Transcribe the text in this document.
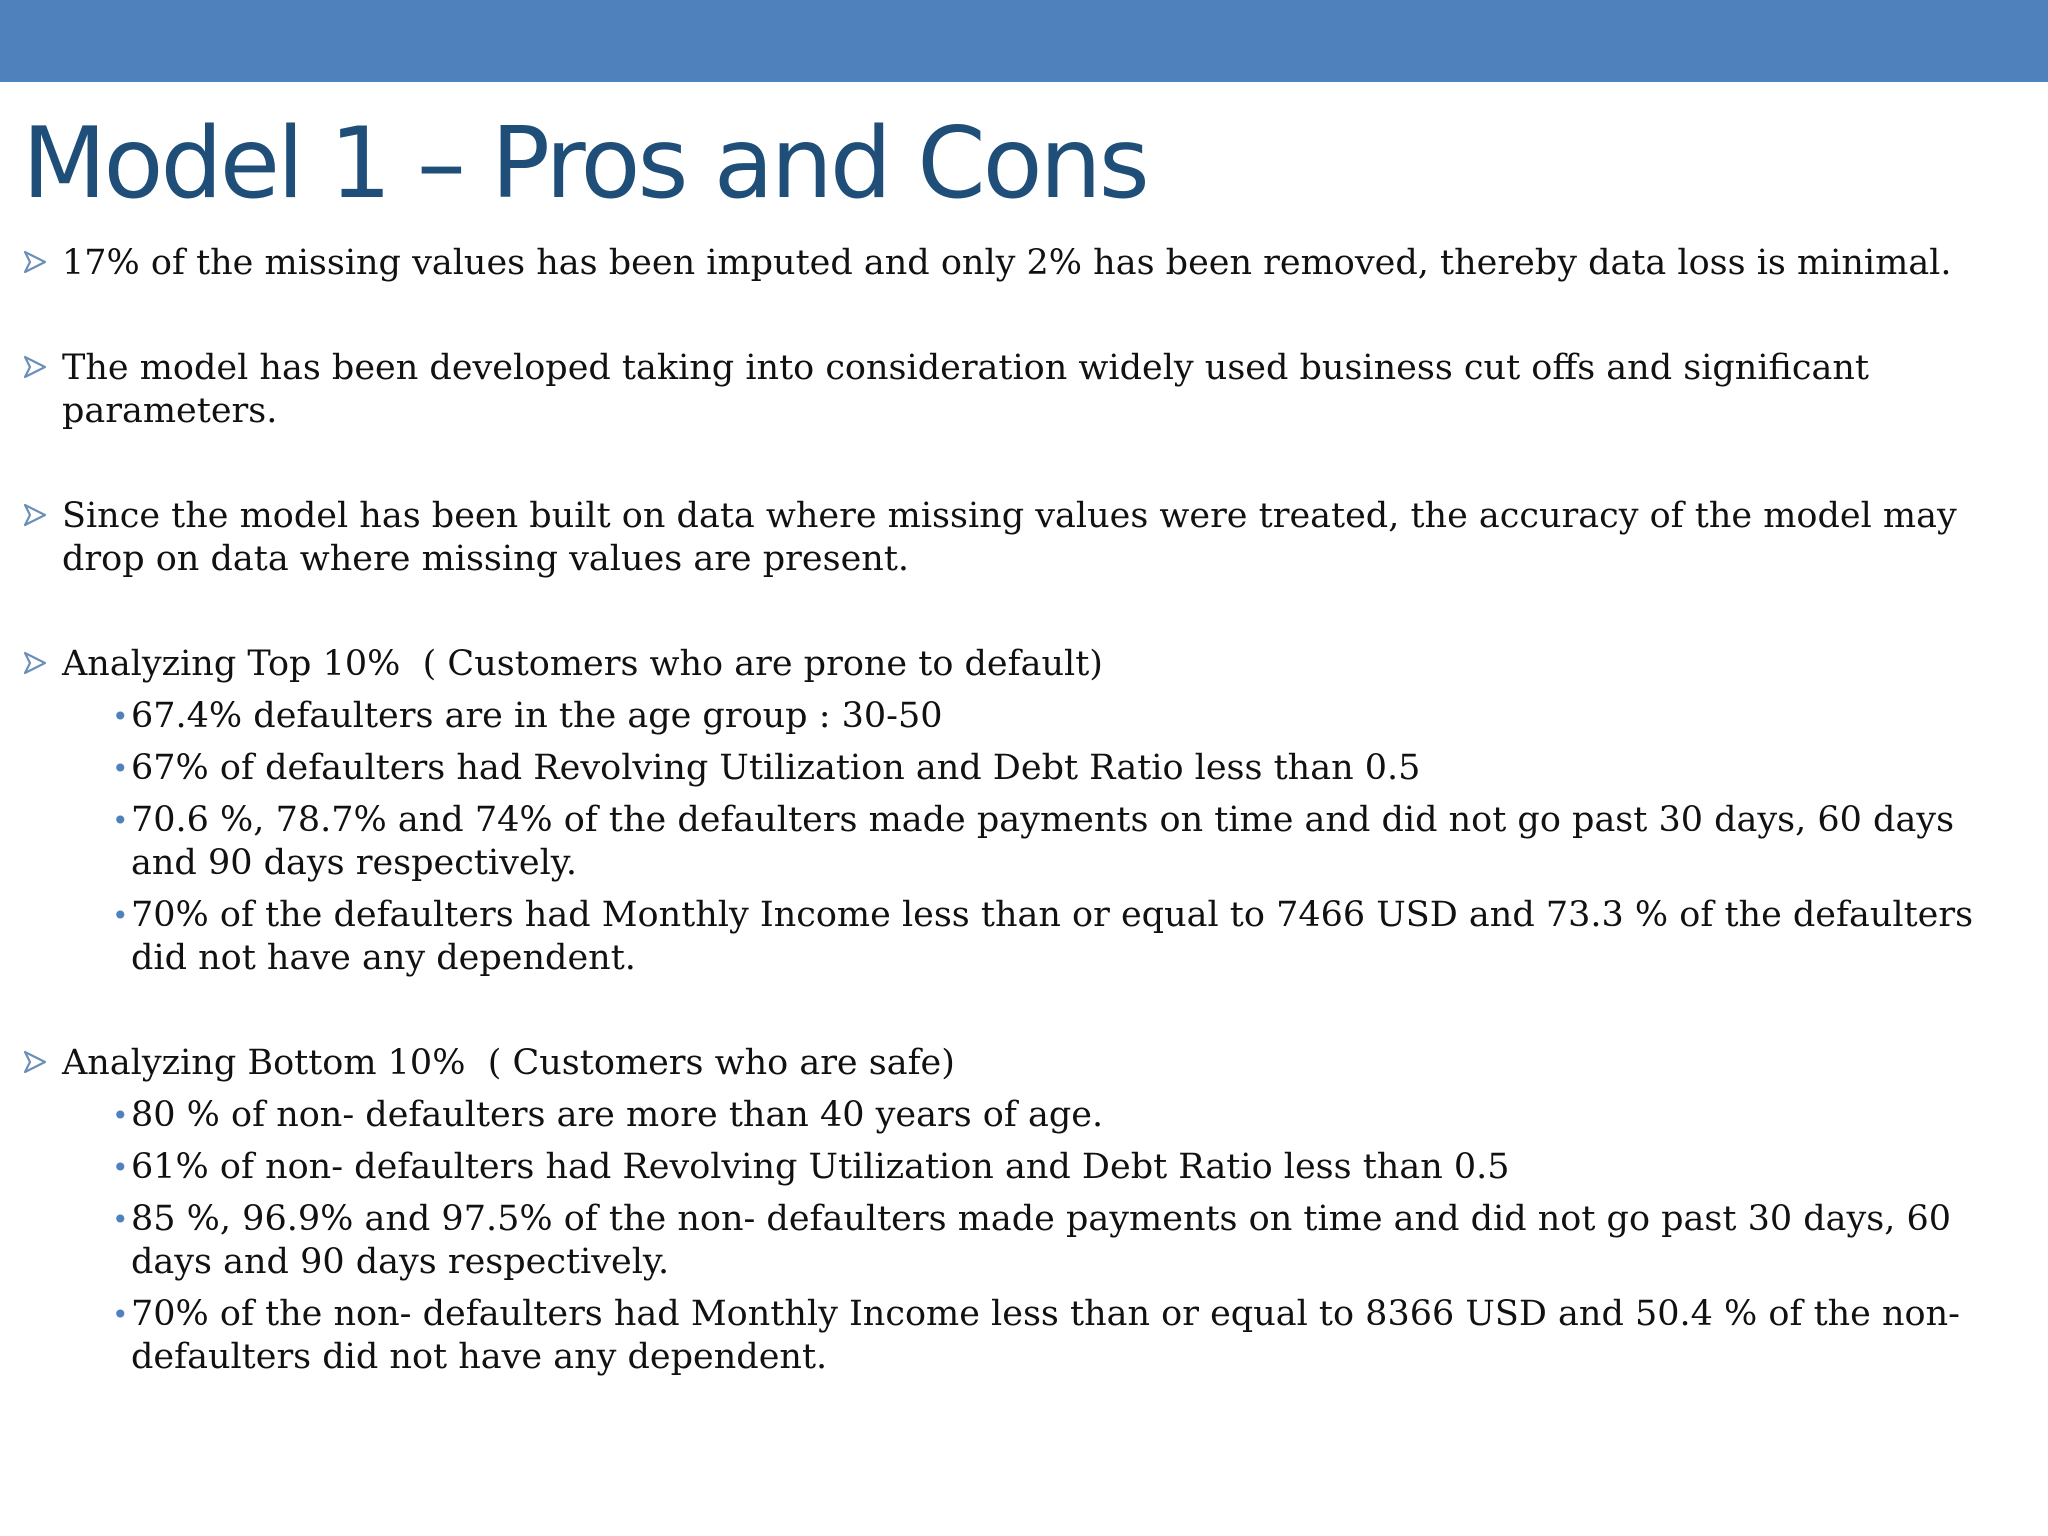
Model 1 – Pros and Cons
17% of the missing values has been imputed and only 2% has been removed, thereby data loss is minimal.
The model has been developed taking into consideration widely used business cut offs and significant parameters.
Since the model has been built on data where missing values were treated, the accuracy of the model may drop on data where missing values are present.
Analyzing Top 10%  ( Customers who are prone to default)
• 67.4% defaulters are in the age group : 30-50
• 67% of defaulters had Revolving Utilization and Debt Ratio less than 0.5
• 70.6 %, 78.7% and 74% of the defaulters made payments on time and did not go past 30 days, 60 days and 90 days respectively.
• 70% of the defaulters had Monthly Income less than or equal to 7466 USD and 73.3 % of the defaulters did not have any dependent.
Analyzing Bottom 10%  ( Customers who are safe)
• 80 % of non- defaulters are more than 40 years of age.
• 61% of non- defaulters had Revolving Utilization and Debt Ratio less than 0.5
• 85 %, 96.9% and 97.5% of the non- defaulters made payments on time and did not go past 30 days, 60 days and 90 days respectively.
• 70% of the non- defaulters had Monthly Income less than or equal to 8366 USD and 50.4 % of the non- defaulters did not have any dependent.
